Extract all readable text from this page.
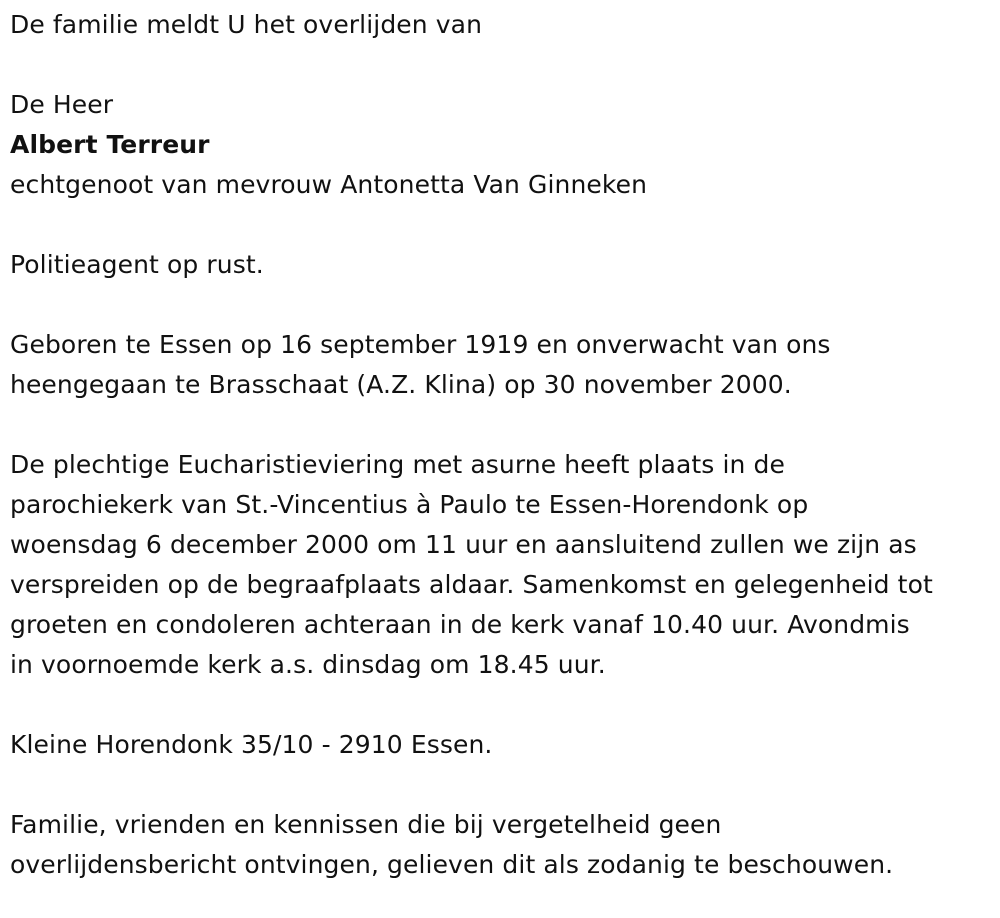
De familie meldt U het overlijden van
De Heer
Albert Terreur
echtgenoot van mevrouw Antonetta Van Ginneken
Politieagent op rust.
Geboren te Essen op 16 september 1919 en onverwacht van ons
heengegaan te Brasschaat (A.Z. Klina) op 30 november 2000.
De plechtige Eucharistieviering met asurne heeft plaats in de
parochiekerk van St.-Vincentius à Paulo te Essen-Horendonk op
woensdag 6 december 2000 om 11 uur en aansluitend zullen we zijn as
verspreiden op de begraafplaats aldaar. Samenkomst en gelegenheid tot
groeten en condoleren achteraan in de kerk vanaf 10.40 uur. Avondmis
in voornoemde kerk a.s. dinsdag om 18.45 uur.
Kleine Horendonk 35/10 - 2910 Essen.
Familie, vrienden en kennissen die bij vergetelheid geen
overlijdensbericht ontvingen, gelieven dit als zodanig te beschouwen.
